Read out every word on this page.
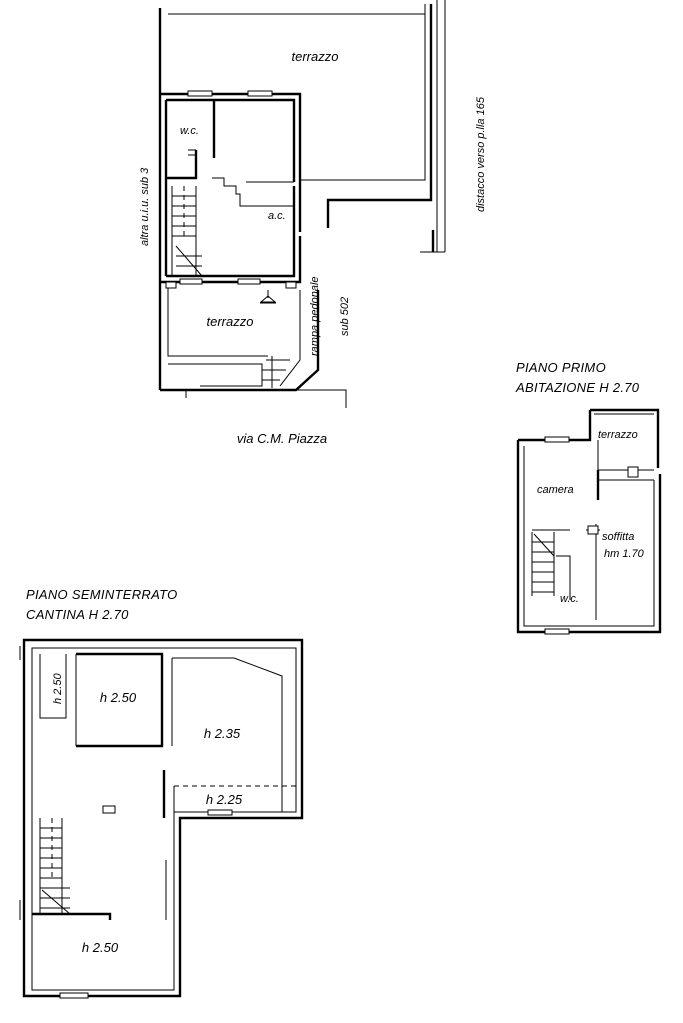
terrazzo
w.c.
a.c.
terrazzo
altra u.i.u. sub 3	distacco verso p.lla 165
rampa pedonale sub 502
via C.M. Piazza
PIANO PRIMO
ABITAZIONE H 2.70
terrazzo
camera
soffitta
hm 1.70
w.c.
PIANO SEMINTERRATO
CANTINA H 2.70
h 2.50	h 2.50
h 2.35
h 2.25
h 2.50
